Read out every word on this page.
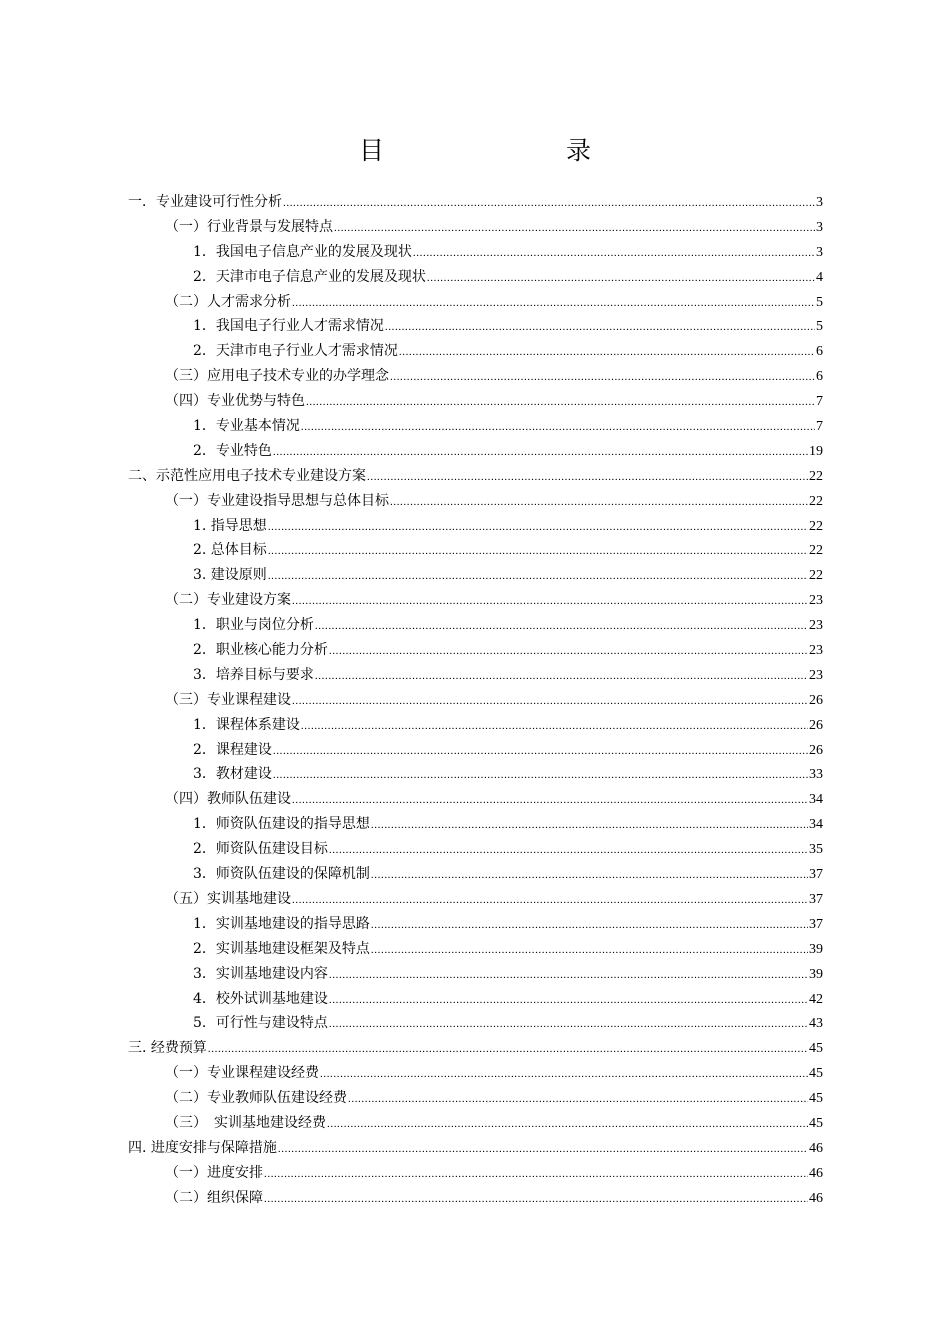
目　　录
一．专业建设可行性分析 .....	3
（一）行业背景与发展特点 .....	3
1．我国电子信息产业的发展及现状 .....	3
2．天津市电子信息产业的发展及现状 .....	4
（二）人才需求分析 .....	5
1．我国电子行业人才需求情况 .....	5
2．天津市电子行业人才需求情况 .....	6
（三）应用电子技术专业的办学理念 .....	6
（四）专业优势与特色 .....	7
1．专业基本情况 .....	7
2．专业特色 .....	19
二、示范性应用电子技术专业建设方案 .....	22
（一）专业建设指导思想与总体目标 .....	22
1. 指导思想 .....	22
2. 总体目标 .....	22
3. 建设原则 .....	22
（二）专业建设方案 .....	23
1．职业与岗位分析 .....	23
2．职业核心能力分析 .....	23
3．培养目标与要求 .....	23
（三）专业课程建设 .....	26
1．课程体系建设 .....	26
2．课程建设 .....	26
3．教材建设 .....	33
（四）教师队伍建设 .....	34
1．师资队伍建设的指导思想 .....	34
2．师资队伍建设目标 .....	35
3．师资队伍建设的保障机制 .....	37
（五）实训基地建设 .....	37
1．实训基地建设的指导思路 .....	37
2．实训基地建设框架及特点 .....	39
3．实训基地建设内容 .....	39
4．校外试训基地建设 .....	42
5．可行性与建设特点 .....	43
三. 经费预算 .....	45
（一）专业课程建设经费 .....	45
（二）专业教师队伍建设经费 .....	45
（三）　实训基地建设经费 .....	45
四. 进度安排与保障措施 .....	46
（一）进度安排 .....	46
（二）组织保障 .....	46
